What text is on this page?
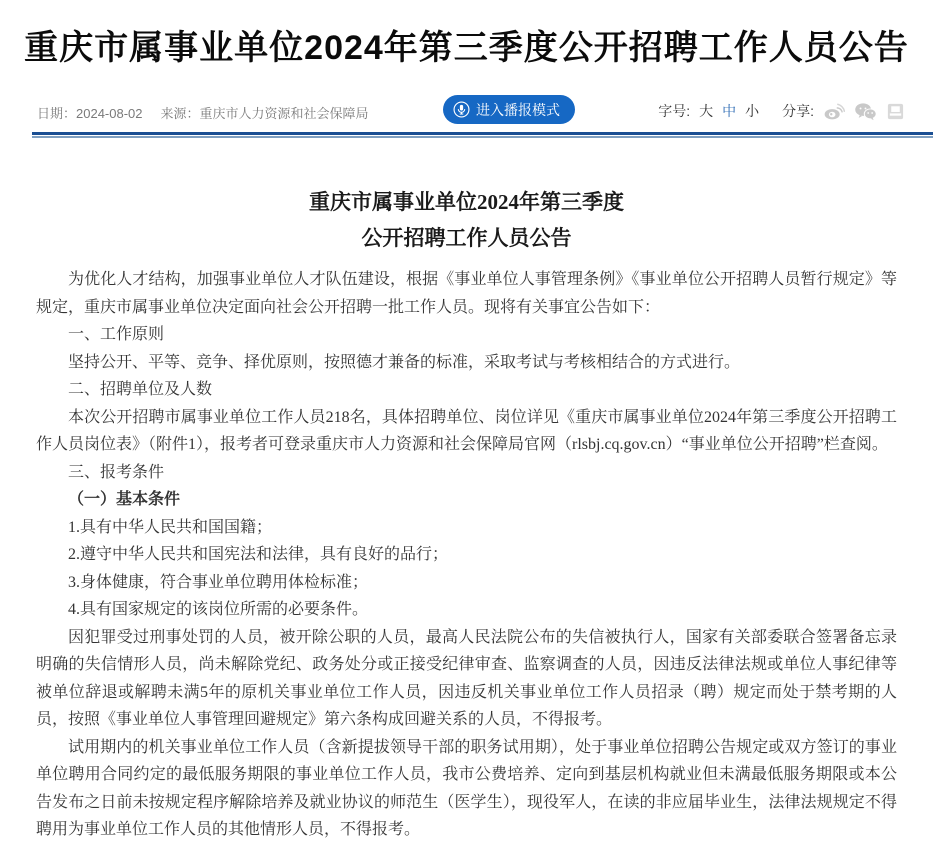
重庆市属事业单位2024年第三季度公开招聘工作人员公告
日期：2024-08-02 来源：重庆市人力资源和社会保障局	进入播报模式	字号: 大 中 小 分享:
重庆市属事业单位2024年第三季度
公开招聘工作人员公告

为优化人才结构，加强事业单位人才队伍建设，根据《事业单位人事管理条例》《事业单位公开招聘人员暂行规定》等规定，重庆市属事业单位决定面向社会公开招聘一批工作人员。现将有关事宜公告如下：

一、工作原则

坚持公开、平等、竞争、择优原则，按照德才兼备的标准，采取考试与考核相结合的方式进行。

二、招聘单位及人数

本次公开招聘市属事业单位工作人员218名，具体招聘单位、岗位详见《重庆市属事业单位2024年第三季度公开招聘工作人员岗位表》（附件1），报考者可登录重庆市人力资源和社会保障局官网（rlsbj.cq.gov.cn）“事业单位公开招聘”栏查阅。

三、报考条件

（一）基本条件

1.具有中华人民共和国国籍；

2.遵守中华人民共和国宪法和法律，具有良好的品行；

3.身体健康，符合事业单位聘用体检标准；

4.具有国家规定的该岗位所需的必要条件。

因犯罪受过刑事处罚的人员，被开除公职的人员，最高人民法院公布的失信被执行人，国家有关部委联合签署备忘录明确的失信情形人员，尚未解除党纪、政务处分或正接受纪律审查、监察调查的人员，因违反法律法规或单位人事纪律等被单位辞退或解聘未满5年的原机关事业单位工作人员，因违反机关事业单位工作人员招录（聘）规定而处于禁考期的人员，按照《事业单位人事管理回避规定》第六条构成回避关系的人员，不得报考。

试用期内的机关事业单位工作人员（含新提拔领导干部的职务试用期），处于事业单位招聘公告规定或双方签订的事业单位聘用合同约定的最低服务期限的事业单位工作人员，我市公费培养、定向到基层机构就业但未满最低服务期限或本公告发布之日前未按规定程序解除培养及就业协议的师范生（医学生），现役军人，在读的非应届毕业生，法律法规规定不得聘用为事业单位工作人员的其他情形人员，不得报考。
